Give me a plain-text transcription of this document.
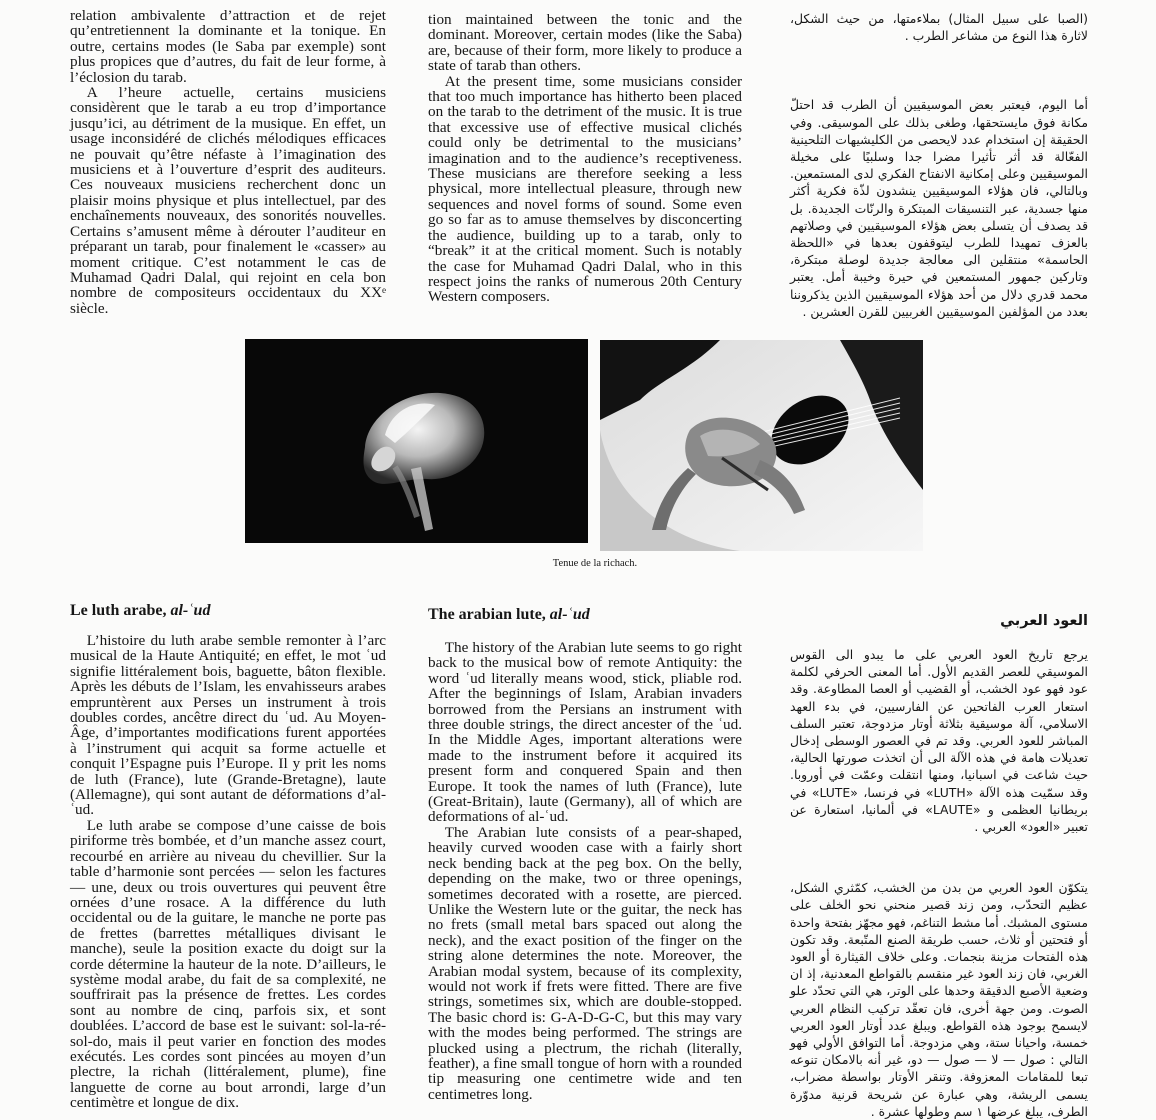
relation ambivalente d’attraction et de rejet qu’entretiennent la dominante et la tonique. En outre, certains modes (le Saba par exemple) sont plus propices que d’autres, du fait de leur forme, à l’éclosion du tarab.

A l’heure actuelle, certains musiciens considèrent que le tarab a eu trop d’importance jusqu’ici, au détriment de la musique. En effet, un usage inconsidéré de clichés mélodiques efficaces ne pouvait qu’être néfaste à l’imagination des musiciens et à l’ouverture d’esprit des auditeurs. Ces nouveaux musiciens recherchent donc un plaisir moins physique et plus intellectuel, par des enchaînements nouveaux, des sonorités nouvelles. Certains s’amusent même à dérouter l’auditeur en préparant un tarab, pour finalement le «casser» au moment critique. C’est notamment le cas de Muhamad Qadri Dalal, qui rejoint en cela bon nombre de compositeurs occidentaux du XXᵉ siècle.

tion maintained between the tonic and the dominant. Moreover, certain modes (like the Saba) are, because of their form, more likely to produce a state of tarab than others.

At the present time, some musicians consider that too much importance has hitherto been placed on the tarab to the detriment of the music. It is true that excessive use of effective musical clichés could only be detrimental to the musicians’ imagination and to the audience’s receptiveness. These musicians are therefore seeking a less physical, more intellectual pleasure, through new sequences and novel forms of sound. Some even go so far as to amuse themselves by disconcerting the audience, building up to a tarab, only to “break” it at the critical moment. Such is notably the case for Muhamad Qadri Dalal, who in this respect joins the ranks of numerous 20th Century Western composers.

(الصبا على سبيل المثال) بملاءمتها، من حيث الشكل، لاثارة هذا النوع من مشاعر الطرب .

أما اليوم، فيعتبر بعض الموسيقيين أن الطرب قد احتلّ مكانة فوق مايستحقها، وطغى بذلك على الموسيقى. وفي الحقيقة إن استخدام عدد لايحصى من الكليشيهات التلحينية الفعّالة قد أثر تأثيرا مضرا جدا وسلبيًا على مخيلة الموسيقيين وعلى إمكانية الانفتاح الفكري لدى المستمعين. وبالتالي، فان هؤلاء الموسيقيين ينشدون لذّة فكرية أكثر منها جسدية، عبر التنسيقات المبتكرة والرنّات الجديدة. بل قد يصدف أن يتسلى بعض هؤلاء الموسيقيين في وصلاتهم بالعزف تمهيدا للطرب ليتوقفون بعدها في «اللحظة الحاسمة» منتقلين الى معالجة جديدة لوصلة مبتكرة، وتاركين جمهور المستمعين في حيرة وخيبة أمل. يعتبر محمد قدري دلال من أحد هؤلاء الموسيقيين الذين يذكروننا بعدد من المؤلفين الموسيقيين الغربيين للقرن العشرين .

Tenue de la richach.
Le luth arabe, al-ʿud	The arabian lute, al-ʿud	العود العربي

L’histoire du luth arabe semble remonter à l’arc musical de la Haute Antiquité; en effet, le mot ʿud signifie littéralement bois, baguette, bâton flexible. Après les débuts de l’Islam, les envahisseurs arabes empruntèrent aux Perses un instrument à trois doubles cordes, ancêtre direct du ʿud. Au Moyen-Âge, d’importantes modifications furent apportées à l’instrument qui acquit sa forme actuelle et conquit l’Espagne puis l’Europe. Il y prit les noms de luth (France), lute (Grande-Bretagne), laute (Allemagne), qui sont autant de déformations d’al-ʿud.

Le luth arabe se compose d’une caisse de bois piriforme très bombée, et d’un manche assez court, recourbé en arrière au niveau du chevillier. Sur la table d’harmonie sont percées — selon les factures — une, deux ou trois ouvertures qui peuvent être ornées d’une rosace. A la différence du luth occidental ou de la guitare, le manche ne porte pas de frettes (barrettes métalliques divisant le manche), seule la position exacte du doigt sur la corde détermine la hauteur de la note. D’ailleurs, le système modal arabe, du fait de sa complexité, ne souffrirait pas la présence de frettes. Les cordes sont au nombre de cinq, parfois six, et sont doublées. L’accord de base est le suivant: sol-la-ré-sol-do, mais il peut varier en fonction des modes exécutés. Les cordes sont pincées au moyen d’un plectre, la richah (littéralement, plume), fine languette de corne au bout arrondi, large d’un centimètre et longue de dix.

The history of the Arabian lute seems to go right back to the musical bow of remote Antiquity: the word ʿud literally means wood, stick, pliable rod. After the beginnings of Islam, Arabian invaders borrowed from the Persians an instrument with three double strings, the direct ancester of the ʿud. In the Middle Ages, important alterations were made to the instrument before it acquired its present form and conquered Spain and then Europe. It took the names of luth (France), lute (Great-Britain), laute (Germany), all of which are deformations of al-ʿud.

The Arabian lute consists of a pear-shaped, heavily curved wooden case with a fairly short neck bending back at the peg box. On the belly, depending on the make, two or three openings, sometimes decorated with a rosette, are pierced. Unlike the Western lute or the guitar, the neck has no frets (small metal bars spaced out along the neck), and the exact position of the finger on the string alone determines the note. Moreover, the Arabian modal system, because of its complexity, would not work if frets were fitted. There are five strings, sometimes six, which are double-stopped. The basic chord is: G-A-D-G-C, but this may vary with the modes being performed. The strings are plucked using a plectrum, the richah (literally, feather), a fine small tongue of horn with a rounded tip measuring one centimetre wide and ten centimetres long.

يرجع تاريخ العود العربي على ما يبدو الى القوس الموسيقي للعصر القديم الأول. أما المعنى الحرفي لكلمة عود فهو عود الخشب، أو القضيب أو العصا المطاوعة. وقد استعار العرب الفاتحين عن الفارسيين، في بدء العهد الاسلامي، آلة موسيقية بثلاثة أوتار مزدوجة، تعتبر السلف المباشر للعود العربي. وقد تم في العصور الوسطى إدخال تعديلات هامة في هذه الآلة الى أن اتخذت صورتها الحالية، حيث شاعت في اسبانيا، ومنها انتقلت وعمّت في أوروبا. وقد سمّيت هذه الآلة «LUTH» في فرنسا، «LUTE» في بريطانيا العظمى و «LAUTE» في ألمانيا، استعارة عن تعبير «العود» العربي .

يتكوّن العود العربي من بدن من الخشب، كمّثري الشكل، عظيم التحدّب، ومن زند قصير منحني نحو الخلف على مستوى المشبك. أما مشط التناغم، فهو مجهّز بفتحة واحدة أو فتحتين أو ثلاث، حسب طريقة الصنع المتّبعة. وقد تكون هذه الفتحات مزينة بنجمات. وعلى خلاف القيثارة أو العود الغربي، فان زند العود غير منقسم بالقواطع المعدنية، إذ ان وضعية الأصبع الدقيقة وحدها على الوتر، هي التي تحدّد علو الصوت. ومن جهة أخرى، فان تعقّد تركيب النظام العربي لايسمح بوجود هذه القواطع. ويبلغ عدد أوتار العود العربي خمسة، واحيانا ستة، وهي مزدوجة. أما التوافق الأولي فهو التالي : صول — لا — صول — دو، غير أنه بالامكان تنوعه تبعا للمقامات المعزوفة. وتنقر الأوتار بواسطة مضراب، يسمى الريشة، وهي عبارة عن شريحة قرنية مدوّرة الطرف، يبلغ عرضها ١ سم وطولها عشرة .
